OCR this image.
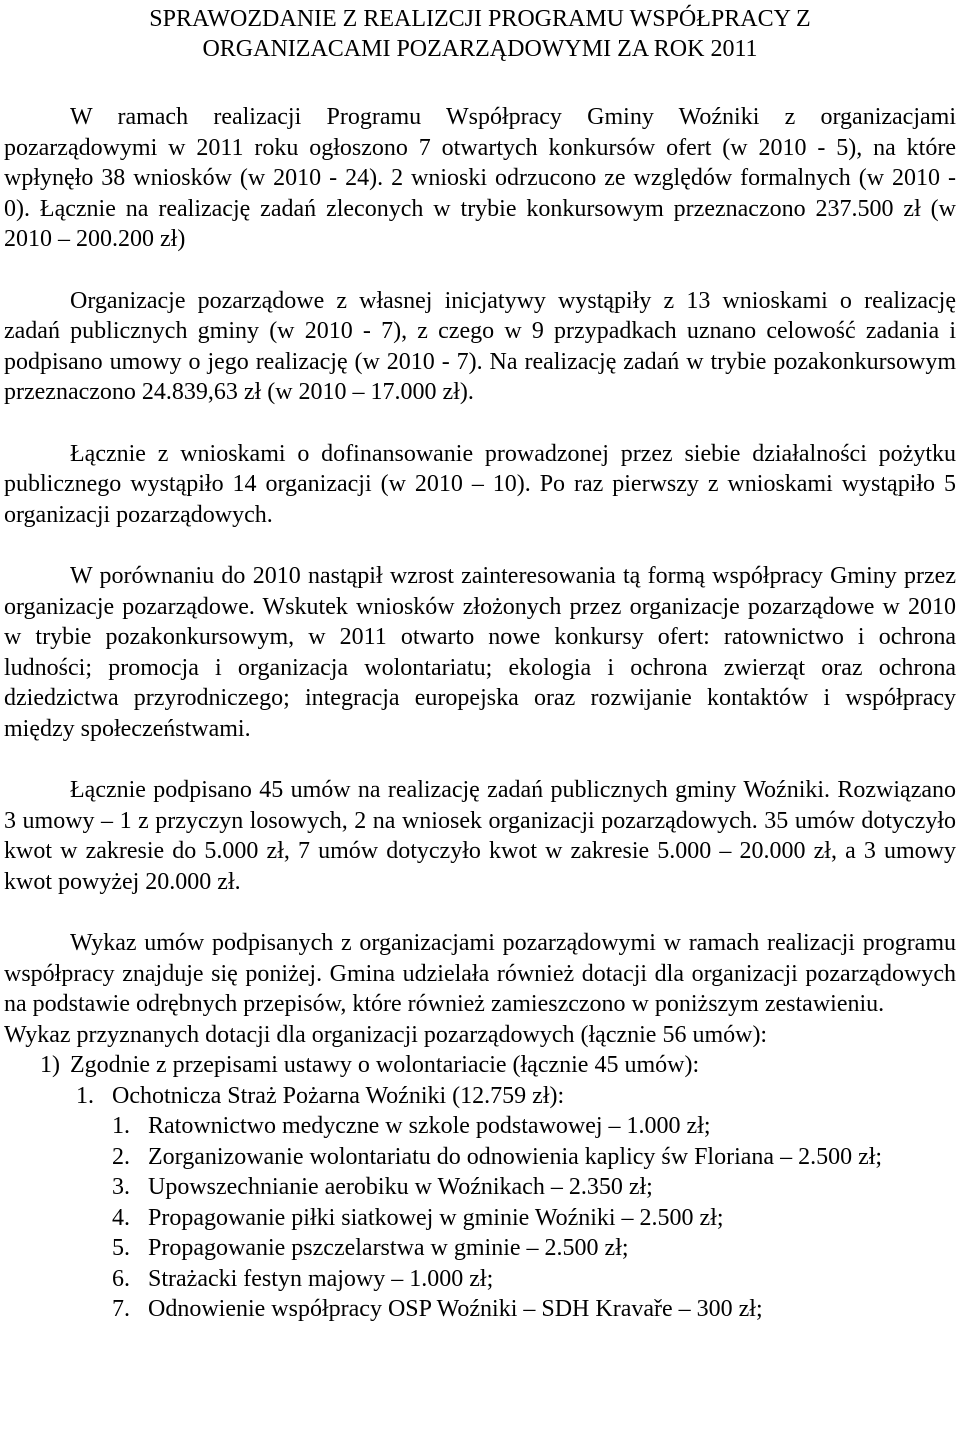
SPRAWOZDANIE Z REALIZCJI PROGRAMU WSPÓŁPRACY Z
ORGANIZACAMI POZARZĄDOWYMI ZA ROK 2011

W ramach realizacji Programu Współpracy Gminy Woźniki z organizacjami pozarządowymi w 2011 roku ogłoszono 7 otwartych konkursów ofert (w 2010 - 5), na które wpłynęło 38 wniosków (w 2010 - 24). 2 wnioski odrzucono ze względów formalnych (w 2010 - 0). Łącznie na realizację zadań zleconych w trybie konkursowym przeznaczono 237.500 zł (w 2010 – 200.200 zł)

Organizacje pozarządowe z własnej inicjatywy wystąpiły z 13 wnioskami o realizację zadań publicznych gminy (w 2010 - 7), z czego w 9 przypadkach uznano celowość zadania i podpisano umowy o jego realizację (w 2010 - 7). Na realizację zadań w trybie pozakonkursowym przeznaczono 24.839,63 zł (w 2010 – 17.000 zł).

Łącznie z wnioskami o dofinansowanie prowadzonej przez siebie działalności pożytku publicznego wystąpiło 14 organizacji (w 2010 – 10). Po raz pierwszy z wnioskami wystąpiło 5 organizacji pozarządowych.

W porównaniu do 2010 nastąpił wzrost zainteresowania tą formą współpracy Gminy przez organizacje pozarządowe. Wskutek wniosków złożonych przez organizacje pozarządowe w 2010 w trybie pozakonkursowym, w 2011 otwarto nowe konkursy ofert: ratownictwo i ochrona ludności; promocja i organizacja wolontariatu; ekologia i ochrona zwierząt oraz ochrona dziedzictwa przyrodniczego; integracja europejska oraz rozwijanie kontaktów i współpracy między społeczeństwami.

Łącznie podpisano 45 umów na realizację zadań publicznych gminy Woźniki. Rozwiązano 3 umowy – 1 z przyczyn losowych, 2 na wniosek organizacji pozarządowych. 35 umów dotyczyło kwot w zakresie do 5.000 zł, 7 umów dotyczyło kwot w zakresie 5.000 – 20.000 zł, a 3 umowy kwot powyżej 20.000 zł.

Wykaz umów podpisanych z organizacjami pozarządowymi w ramach realizacji programu współpracy znajduje się poniżej. Gmina udzielała również dotacji dla organizacji pozarządowych na podstawie odrębnych przepisów, które również zamieszczono w poniższym zestawieniu.

Wykaz przyznanych dotacji dla organizacji pozarządowych (łącznie 56 umów):

1) Zgodnie z przepisami ustawy o wolontariacie (łącznie 45 umów):
1. Ochotnicza Straż Pożarna Woźniki (12.759 zł):
1. Ratownictwo medyczne w szkole podstawowej – 1.000 zł;
2. Zorganizowanie wolontariatu do odnowienia kaplicy św Floriana – 2.500 zł;
3. Upowszechnianie aerobiku w Woźnikach – 2.350 zł;
4. Propagowanie piłki siatkowej w gminie Woźniki – 2.500 zł;
5. Propagowanie pszczelarstwa w gminie – 2.500 zł;
6. Strażacki festyn majowy – 1.000 zł;
7. Odnowienie współpracy OSP Woźniki – SDH Kravaře – 300 zł;
